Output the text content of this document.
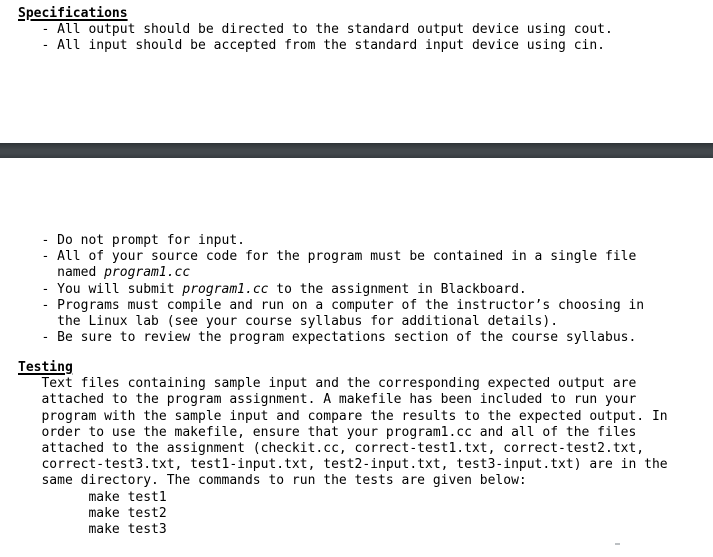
Specifications
- All output should be directed to the standard output device using cout.
- All input should be accepted from the standard input device using cin.
- Do not prompt for input.
- All of your source code for the program must be contained in a single file
named program1.cc
- You will submit program1.cc to the assignment in Blackboard.
- Programs must compile and run on a computer of the instructor’s choosing in
the Linux lab (see your course syllabus for additional details).
- Be sure to review the program expectations section of the course syllabus.
Testing
Text files containing sample input and the corresponding expected output are
attached to the program assignment. A makefile has been included to run your
program with the sample input and compare the results to the expected output. In
order to use the makefile, ensure that your program1.cc and all of the files
attached to the assignment (checkit.cc, correct-test1.txt, correct-test2.txt,
correct-test3.txt, test1-input.txt, test2-input.txt, test3-input.txt) are in the
same directory. The commands to run the tests are given below:
make test1
make test2
make test3
